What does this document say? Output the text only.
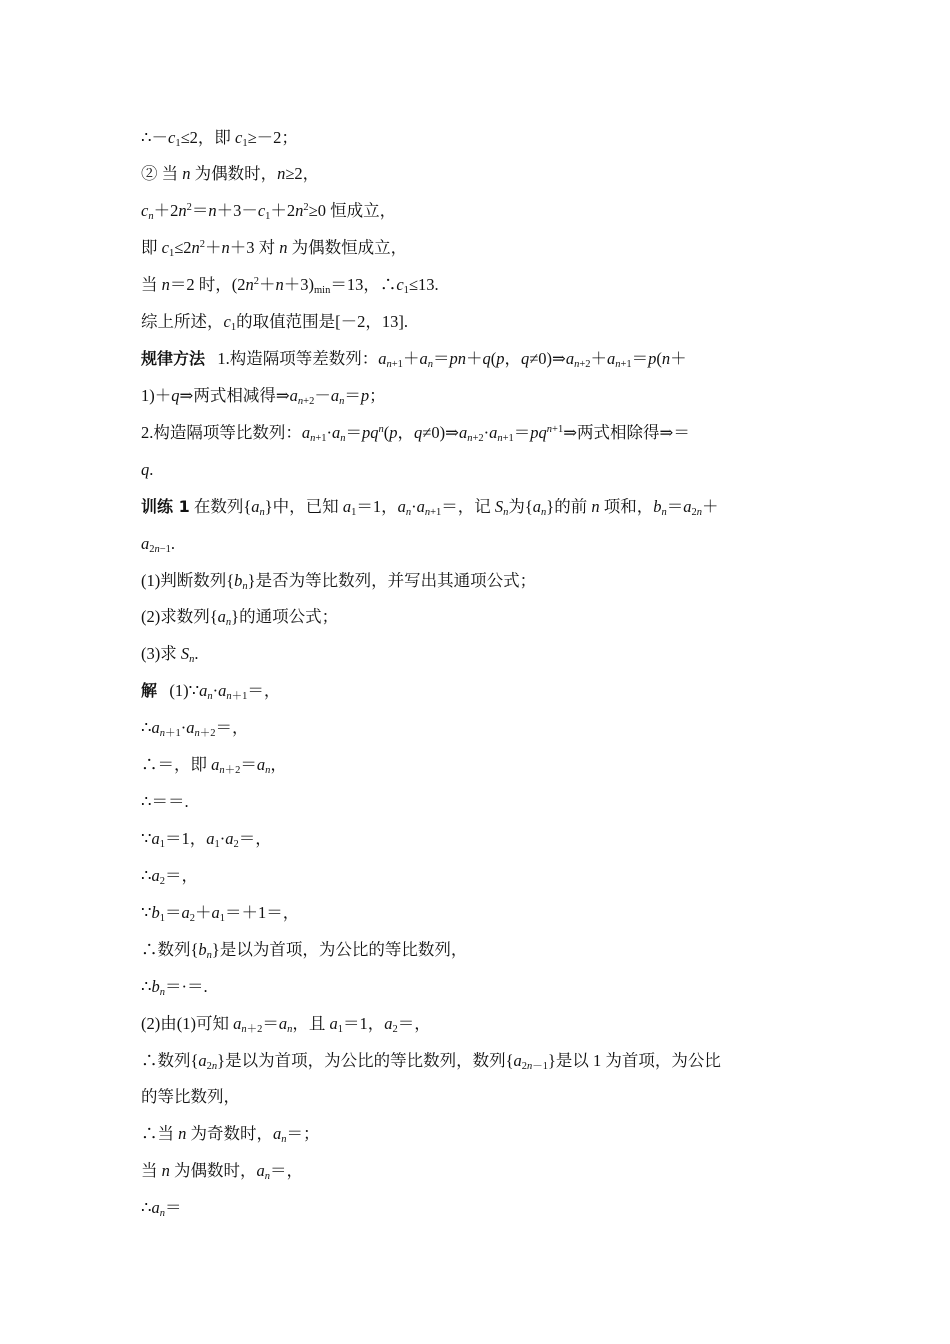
$\therefore-c_1\le 2$，即 $c_1\ge-2$；
② 当 n 为偶数时，n≥2，
$c_n+2n^2=n+3-c_1+2n^2\ge 0$ 恒成立，
即 $c_1\le 2n^2+n+3$ 对 n 为偶数恒成立，
当 n＝2 时，$(2n^2+n+3)_{min}=13$，$\therefore c_1\le 13$.
综上所述，$c_1$的取值范围是[－2，13].
规律方法   1.构造隔项等差数列：$a_{n+1}+a_n=pn+q(p$，$q\ne 0)\Rightarrow a_{n+2}+a_{n+1}=p(n+$
1)＋q⇒两式相减得$\Rightarrow a_{n+2}-a_n=p$；
2.构造隔项等比数列：$a_{n+1}\cdot a_n=pq^n(p$，$q\ne 0)\Rightarrow a_{n+2}\cdot a_{n+1}=pq^{n+1}\Rightarrow$两式相除得⇒＝
q.
训练 1 在数列$\{a_n\}$中，已知 $a_1=1$，$a_n\cdot a_{n+1}=$，记 $S_n$为$\{a_n\}$的前 n 项和，$b_n=a_{2n}+$
$a_{2n-1}$.
(1)判断数列$\{b_n\}$是否为等比数列，并写出其通项公式；
(2)求数列$\{a_n\}$的通项公式；
(3)求 $S_n$.
解   $(1)\because a_n\cdot a_{n+1}=$，
$\therefore a_{n+1}\cdot a_{n+2}=$，
∴＝，即 $a_{n+2}=a_n$，
∴＝＝.
$\because a_1=1$，$a_1\cdot a_2=$，
$\therefore a_2=$，
$\because b_1=a_2+a_1=+1=$，
∴数列$\{b_n\}$是以为首项，为公比的等比数列，
$\therefore b_n=\cdot=$.
(2)由(1)可知 $a_{n+2}=a_n$，且 $a_1=1$，$a_2=$，
∴数列$\{a_{2n}\}$是以为首项，为公比的等比数列，数列$\{a_{2n-1}\}$是以 1 为首项，为公比
的等比数列，
∴当 n 为奇数时，$a_n=$；
当 n 为偶数时，$a_n=$，
$\therefore a_n=$
